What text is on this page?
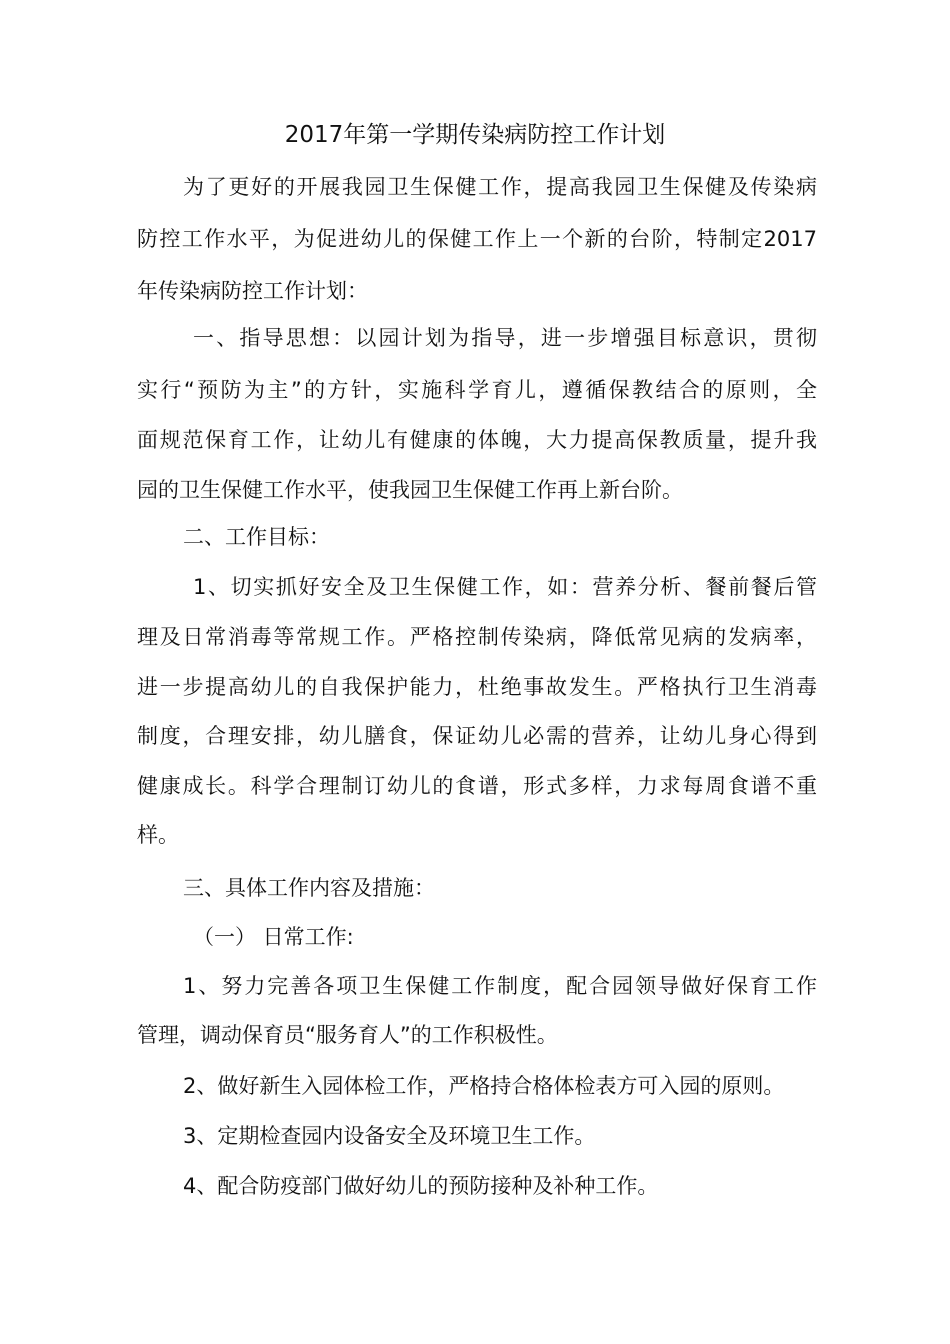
2017年第一学期传染病防控工作计划
为了更好的开展我园卫生保健工作，提高我园卫生保健及传染病
防控工作水平，为促进幼儿的保健工作上一个新的台阶，特制定2017
年传染病防控工作计划：
一、指导思想：以园计划为指导，进一步增强目标意识，贯彻
实行“预防为主”的方针，实施科学育儿，遵循保教结合的原则，全
面规范保育工作，让幼儿有健康的体魄，大力提高保教质量，提升我
园的卫生保健工作水平，使我园卫生保健工作再上新台阶。
二、工作目标：
1、切实抓好安全及卫生保健工作，如：营养分析、餐前餐后管
理及日常消毒等常规工作。严格控制传染病，降低常见病的发病率，
进一步提高幼儿的自我保护能力，杜绝事故发生。严格执行卫生消毒
制度，合理安排，幼儿膳食，保证幼儿必需的营养，让幼儿身心得到
健康成长。科学合理制订幼儿的食谱，形式多样，力求每周食谱不重
样。
三、具体工作内容及措施：
（一） 日常工作:
1、努力完善各项卫生保健工作制度，配合园领导做好保育工作
管理，调动保育员“服务育人”的工作积极性。
2、做好新生入园体检工作，严格持合格体检表方可入园的原则。
3、定期检查园内设备安全及环境卫生工作。
4、配合防疫部门做好幼儿的预防接种及补种工作。
